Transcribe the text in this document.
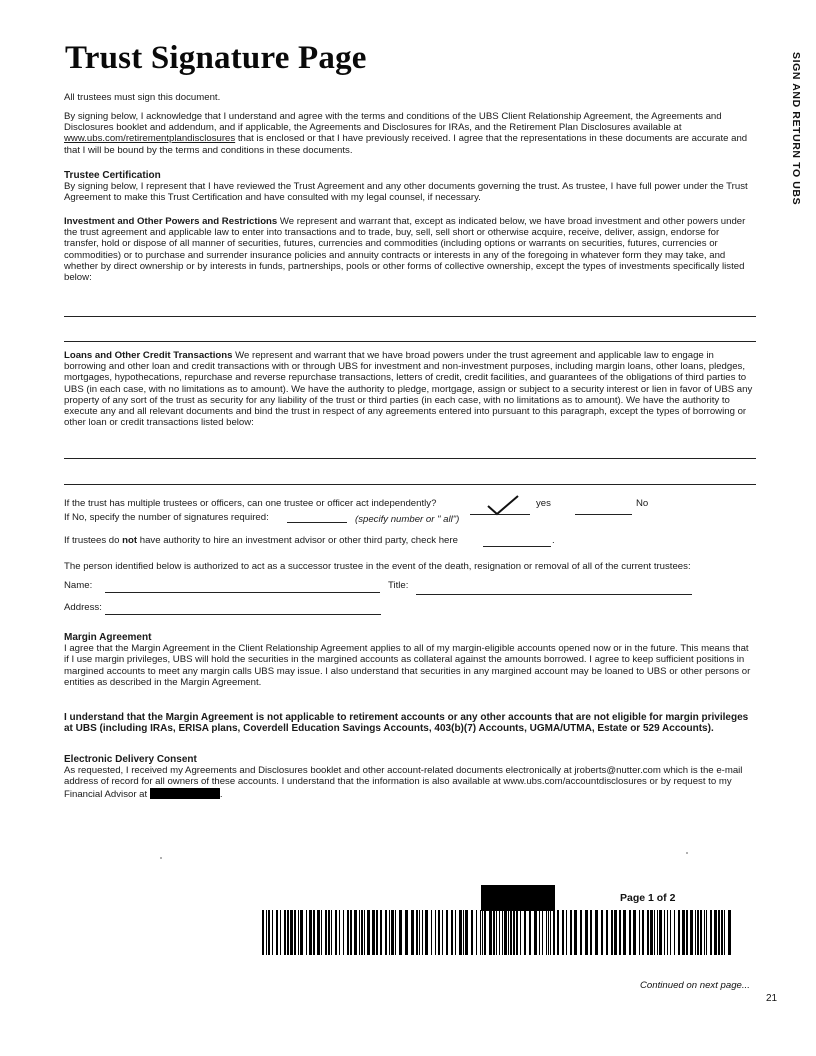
Trust Signature Page	SIGN AND RETURN TO UBS
All trustees must sign this document.
By signing below, I acknowledge that I understand and agree with the terms and conditions of the UBS Client Relationship Agreement, the Agreements and Disclosures booklet and addendum, and if applicable, the Agreements and Disclosures for IRAs, and the Retirement Plan Disclosures available at www.ubs.com/retirementplandisclosures that is enclosed or that I have previously received. I agree that the representations in these documents are accurate and that I will be bound by the terms and conditions in these documents.
Trustee Certification
By signing below, I represent that I have reviewed the Trust Agreement and any other documents governing the trust. As trustee, I have full power under the Trust Agreement to make this Trust Certification and have consulted with my legal counsel, if necessary.
Investment and Other Powers and Restrictions We represent and warrant that, except as indicated below, we have broad investment and other powers under the trust agreement and applicable law to enter into transactions and to trade, buy, sell, sell short or otherwise acquire, receive, deliver, assign, endorse for transfer, hold or dispose of all manner of securities, futures, currencies and commodities (including options or warrants on securities, futures, currencies or commodities) or to purchase and surrender insurance policies and annuity contracts or interests in any of the foregoing in whatever form they may take, and whether by direct ownership or by interests in funds, partnerships, pools or other forms of collective ownership, except the types of investments specifically listed below:
Loans and Other Credit Transactions We represent and warrant that we have broad powers under the trust agreement and applicable law to engage in borrowing and other loan and credit transactions with or through UBS for investment and non-investment purposes, including margin loans, other loans, pledges, mortgages, hypothecations, repurchase and reverse repurchase transactions, letters of credit, credit facilities, and guarantees of the obligations of third parties to UBS (in each case, with no limitations as to amount). We have the authority to pledge, mortgage, assign or subject to a security interest or lien in favor of UBS any property of any sort of the trust as security for any liability of the trust or third parties (in each case, with no limitations as to amount). We have the authority to execute any and all relevant documents and bind the trust in respect of any agreements entered into pursuant to this paragraph, except the types of borrowing or other loan or credit transactions listed below:
If the trust has multiple trustees or officers, can one trustee or officer act independently?	yes	No
If No, specify the number of signatures required:	(specify number or " all")
If trustees do not have authority to hire an investment advisor or other third party, check here	.
The person identified below is authorized to act as a successor trustee in the event of the death, resignation or removal of all of the current trustees:
Name:	Title:
Address:
Margin Agreement
I agree that the Margin Agreement in the Client Relationship Agreement applies to all of my margin-eligible accounts opened now or in the future. This means that if I use margin privileges, UBS will hold the securities in the margined accounts as collateral against the amounts borrowed. I agree to keep sufficient positions in margined accounts to meet any margin calls UBS may issue. I also understand that securities in any margined account may be loaned to UBS or other persons or entities as described in the Margin Agreement.
I understand that the Margin Agreement is not applicable to retirement accounts or any other accounts that are not eligible for margin privileges at UBS (including IRAs, ERISA plans, Coverdell Education Savings Accounts, 403(b)(7) Accounts, UGMA/UTMA, Estate or 529 Accounts).
Electronic Delivery Consent
As requested, I received my Agreements and Disclosures booklet and other account-related documents electronically at jroberts@nutter.com which is the e-mail address of record for all owners of these accounts. I understand that the information is also available at www.ubs.com/accountdisclosures or by request to my Financial Advisor at	.
Page 1 of 2
Continued on next page...
21
